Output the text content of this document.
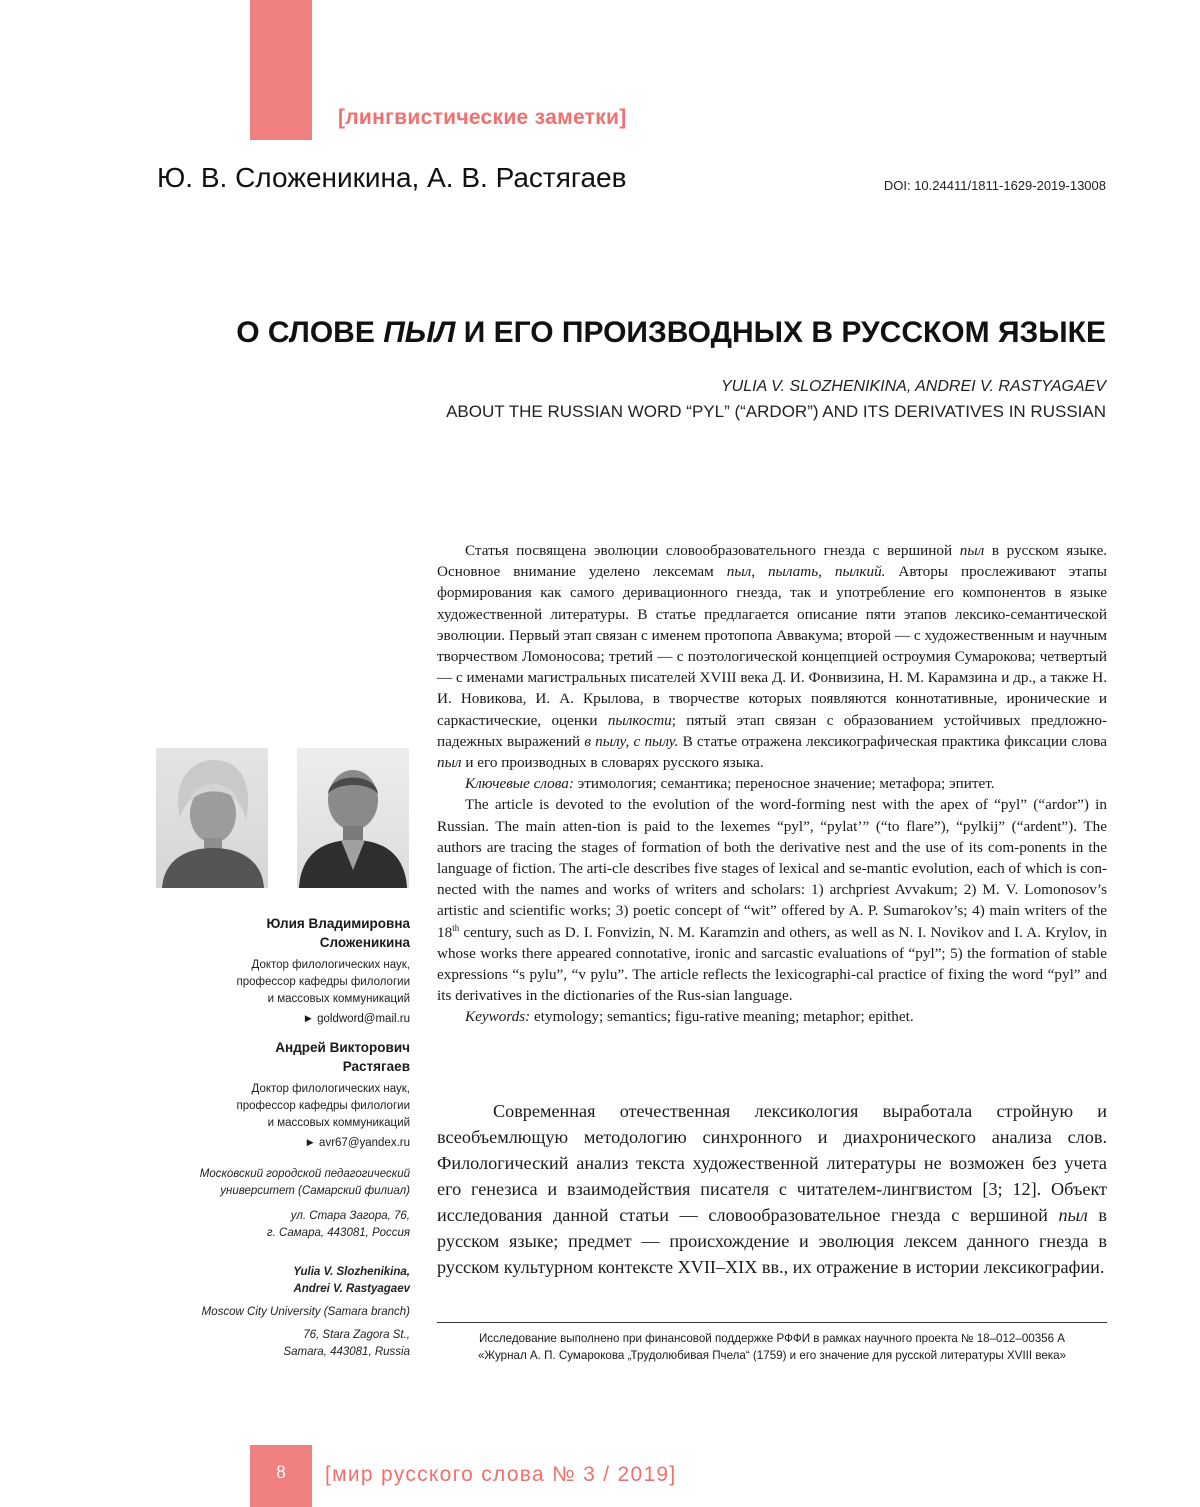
[лингвистические заметки]
Ю. В. Сложеникина, А. В. Растягаев	DOI: 10.24411/1811-1629-2019-13008
О СЛОВЕ ПЫЛ И ЕГО ПРОИЗВОДНЫХ В РУССКОМ ЯЗЫКЕ
YULIA V. SLOZHENIKINA, ANDREI V. RASTYAGAEV
ABOUT THE RUSSIAN WORD “PYL” (“ARDOR”) AND ITS DERIVATIVES IN RUSSIAN

Статья посвящена эволюции словообразовательного гнезда с вершиной пыл в русском языке. Основное внимание уделено лексемам пыл, пылать, пылкий. Авторы прослеживают этапы формирования как самого деривационного гнезда, так и употребление его компонентов в языке художественной литературы. В статье предлагается описание пяти этапов лексико-семантической эволюции. Первый этап связан с именем протопопа Аввакума; второй — с художественным и научным творчеством Ломоносова; третий — с поэтологической концепцией остроумия Сумарокова; четвертый — с именами магистральных писателей XVIII века Д. И. Фонвизина, Н. М. Карамзина и др., а также Н. И. Новикова, И. А. Крылова, в творчестве которых появляются коннотативные, иронические и саркастические, оценки пылкости; пятый этап связан с образованием устойчивых предложно-падежных выражений в пылу, с пылу. В статье отражена лексикографическая практика фиксации слова пыл и его производных в словарях русского языка.

Ключевые слова: этимология; семантика; переносное значение; метафора; эпитет.

The article is devoted to the evolution of the word-forming nest with the apex of “pyl” (“ardor”) in Russian. The main atten-tion is paid to the lexemes “pyl”, “pylat’” (“to flare”), “pylkij” (“ardent”). The authors are tracing the stages of formation of both the derivative nest and the use of its com-ponents in the language of fiction. The arti-cle describes five stages of lexical and se-mantic evolution, each of which is con-nected with the names and works of writers and scholars: 1) archpriest Avvakum; 2) M. V. Lomonosov’s artistic and scientific works; 3) poetic concept of “wit” offered by A. P. Sumarokov’s; 4) main writers of the 18th century, such as D. I. Fonvizin, N. M. Karamzin and others, as well as N. I. Novikov and I. A. Krylov, in whose works there appeared connotative, ironic and sarcastic evaluations of “pyl”; 5) the formation of stable expressions “s pylu”, “v pylu”. The article reflects the lexicographi-cal practice of fixing the word “pyl” and its derivatives in the dictionaries of the Rus-sian language.

Keywords: etymology; semantics; figu-rative meaning; metaphor; epithet.

Современная отечественная лексикология выработала стройную и всеобъемлющую методологию синхронного и диахронического анализа слов. Филологический анализ текста художественной литературы не возможен без учета его генезиса и взаимодействия писателя с читателем-лингвистом [3; 12]. Объект исследования данной статьи — словообразовательное гнезда с вершиной пыл в русском языке; предмет — происхождение и эволюция лексем данного гнезда в русском культурном контексте XVII–XIX вв., их отражение в истории лексикографии.

Юлия Владимировна
Сложеникина
Доктор филологических наук,
профессор кафедры филологии
и массовых коммуникаций
► goldword@mail.ru
Андрей Викторович
Растягаев
Доктор филологических наук,
профессор кафедры филологии
и массовых коммуникаций
► avr67@yandex.ru
Московский городской педагогический
университет (Самарский филиал)
ул. Стара Загора, 76,
г. Самара, 443081, Россия
Yulia V. Slozhenikina,
Andrei V. Rastyagaev
Moscow City University (Samara branch)
76, Stara Zagora St.,
Samara, 443081, Russia
Исследование выполнено при финансовой поддержке РФФИ в рамках научного проекта № 18–012–00356 А
«Журнал А. П. Сумарокова „Трудолюбивая Пчела“ (1759) и его значение для русской литературы XVIII века»
8	[мир русского слова № 3 / 2019]
